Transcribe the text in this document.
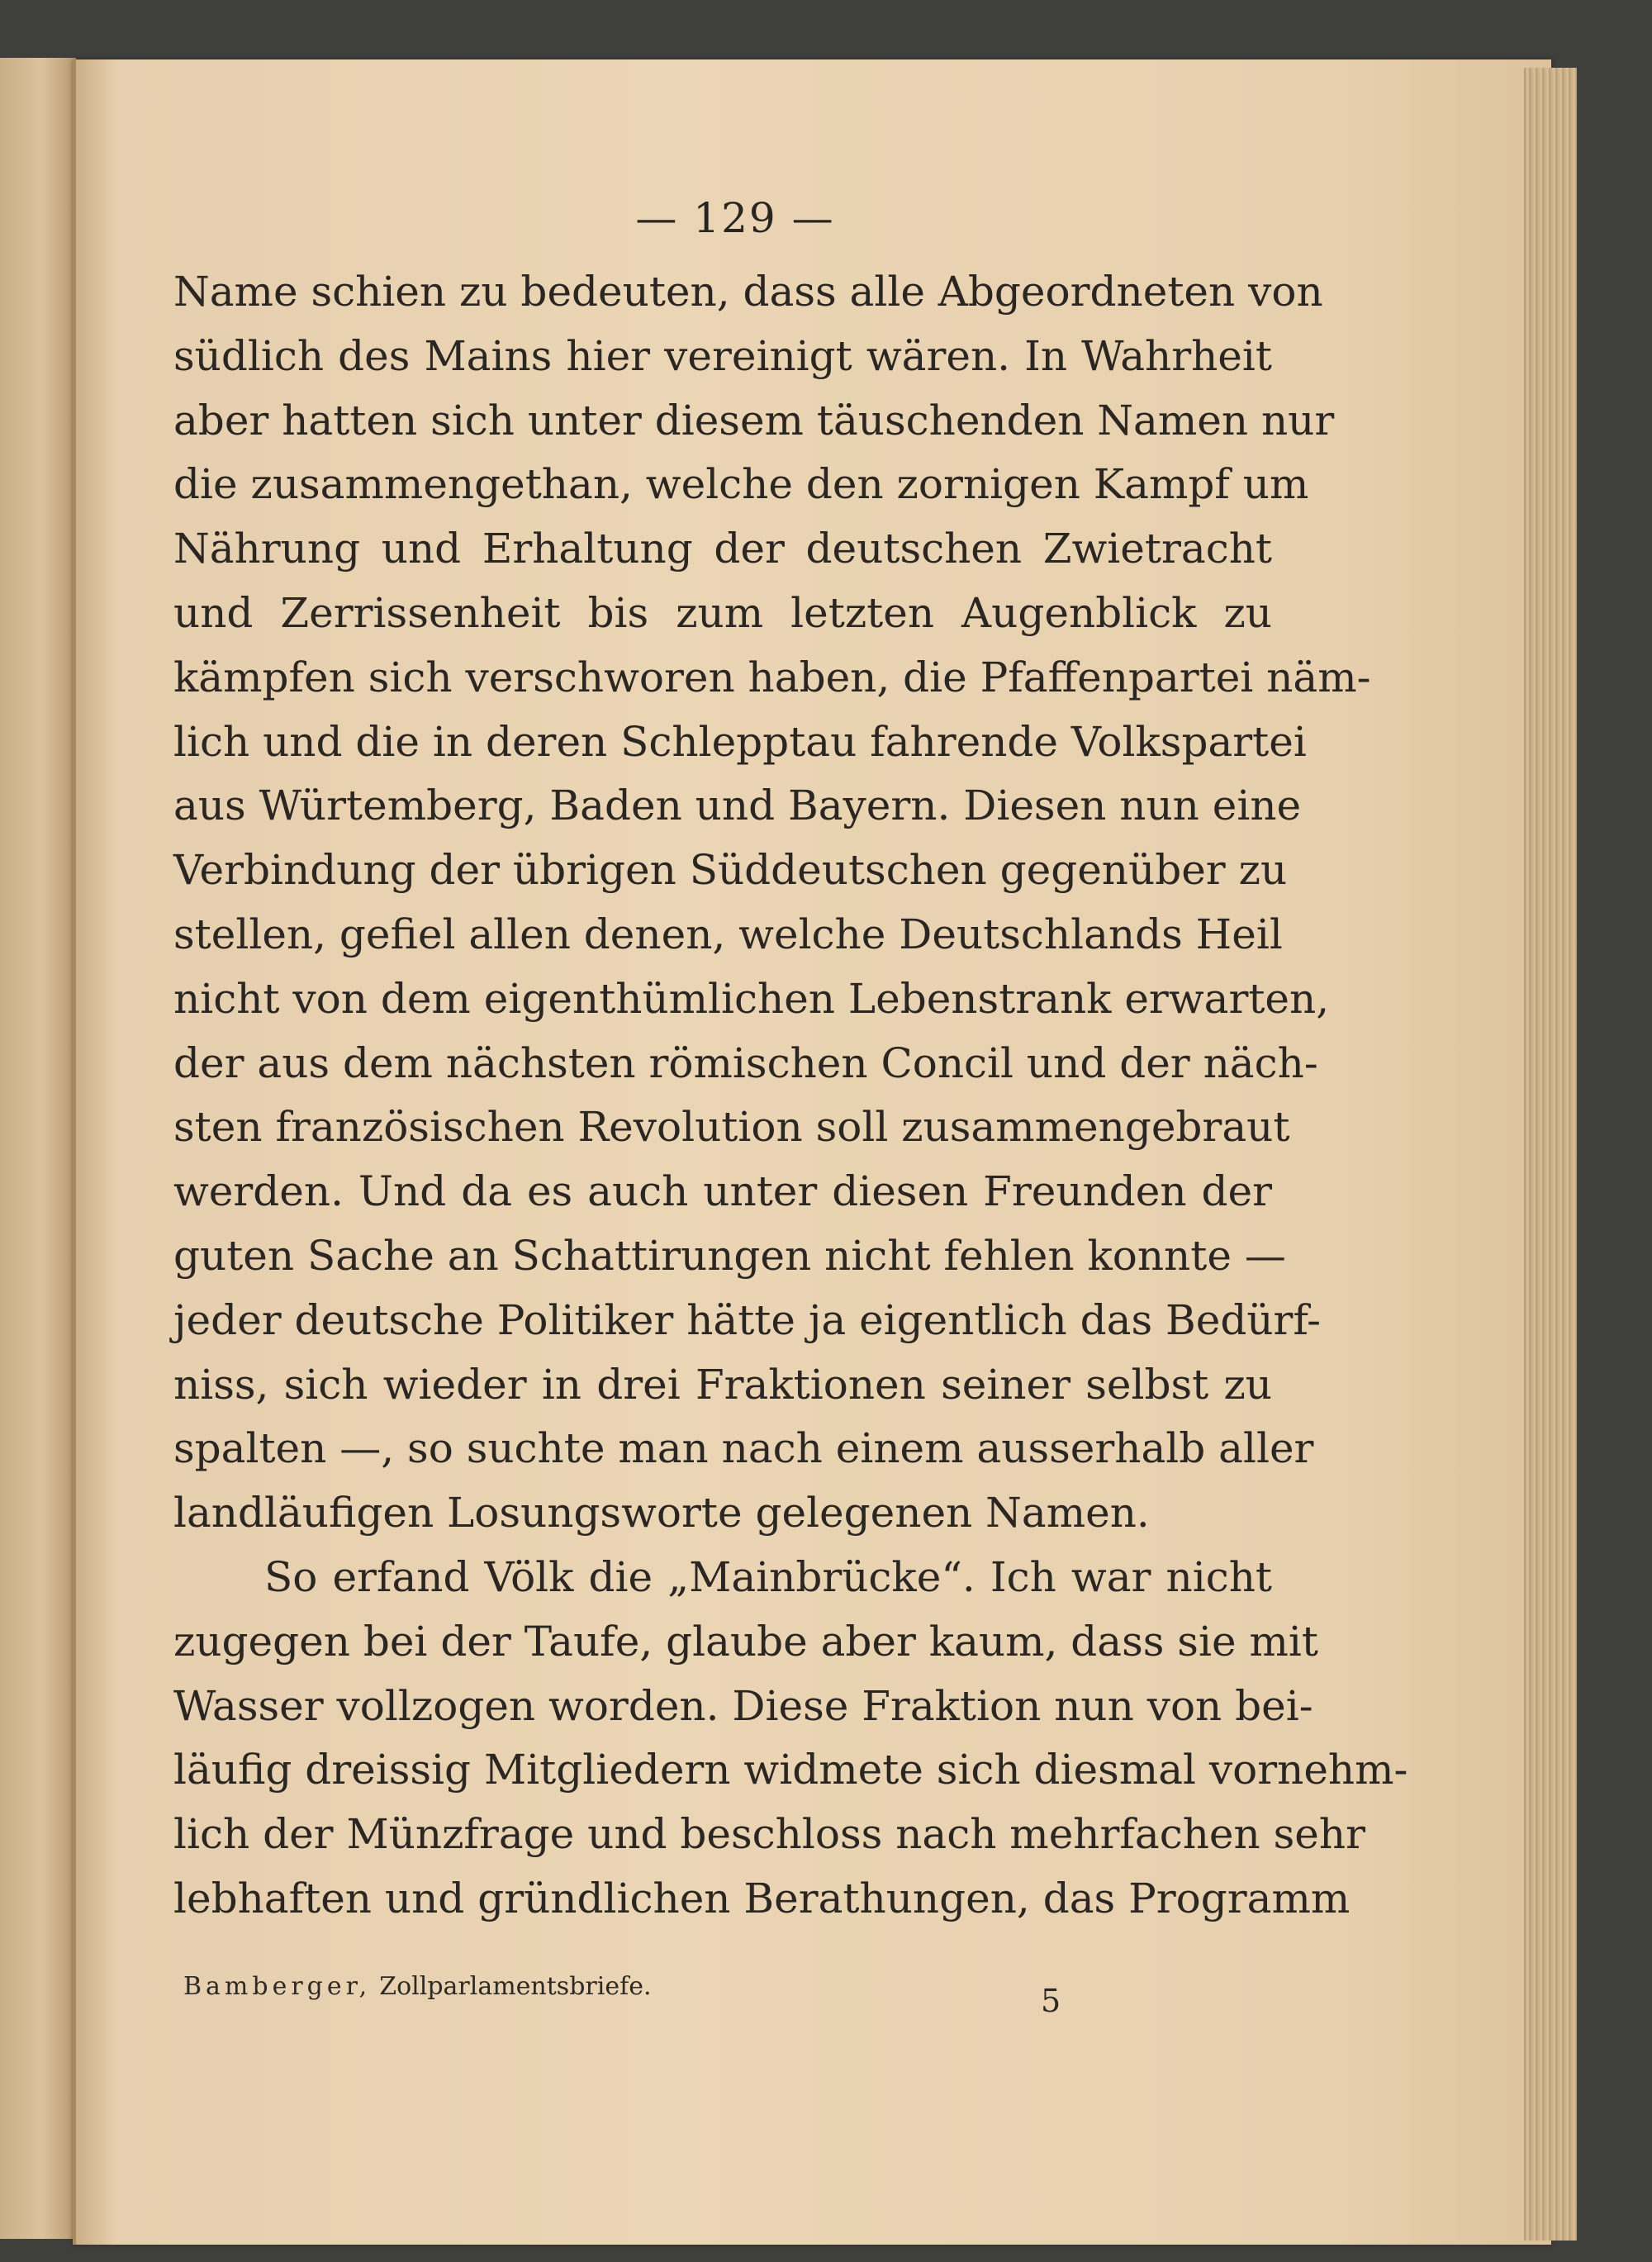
— 129 —
Name schien zu bedeuten, dass alle Abgeordneten von
südlich des Mains hier vereinigt wären. In Wahrheit
aber hatten sich unter diesem täuschenden Namen nur
die zusammengethan, welche den zornigen Kampf um
Nährung und Erhaltung der deutschen Zwietracht
und Zerrissenheit bis zum letzten Augenblick zu
kämpfen sich verschworen haben, die Pfaffenpartei näm-
lich und die in deren Schlepptau fahrende Volkspartei
aus Würtemberg, Baden und Bayern. Diesen nun eine
Verbindung der übrigen Süddeutschen gegenüber zu
stellen, gefiel allen denen, welche Deutschlands Heil
nicht von dem eigenthümlichen Lebenstrank erwarten,
der aus dem nächsten römischen Concil und der näch-
sten französischen Revolution soll zusammengebraut
werden. Und da es auch unter diesen Freunden der
guten Sache an Schattirungen nicht fehlen konnte —
jeder deutsche Politiker hätte ja eigentlich das Bedürf-
niss, sich wieder in drei Fraktionen seiner selbst zu
spalten —, so suchte man nach einem ausserhalb aller
landläufigen Losungsworte gelegenen Namen.
So erfand Völk die „Mainbrücke“. Ich war nicht
zugegen bei der Taufe, glaube aber kaum, dass sie mit
Wasser vollzogen worden. Diese Fraktion nun von bei-
läufig dreissig Mitgliedern widmete sich diesmal vornehm-
lich der Münzfrage und beschloss nach mehrfachen sehr
lebhaften und gründlichen Berathungen, das Programm
Bamberger, Zollparlamentsbriefe.	5
